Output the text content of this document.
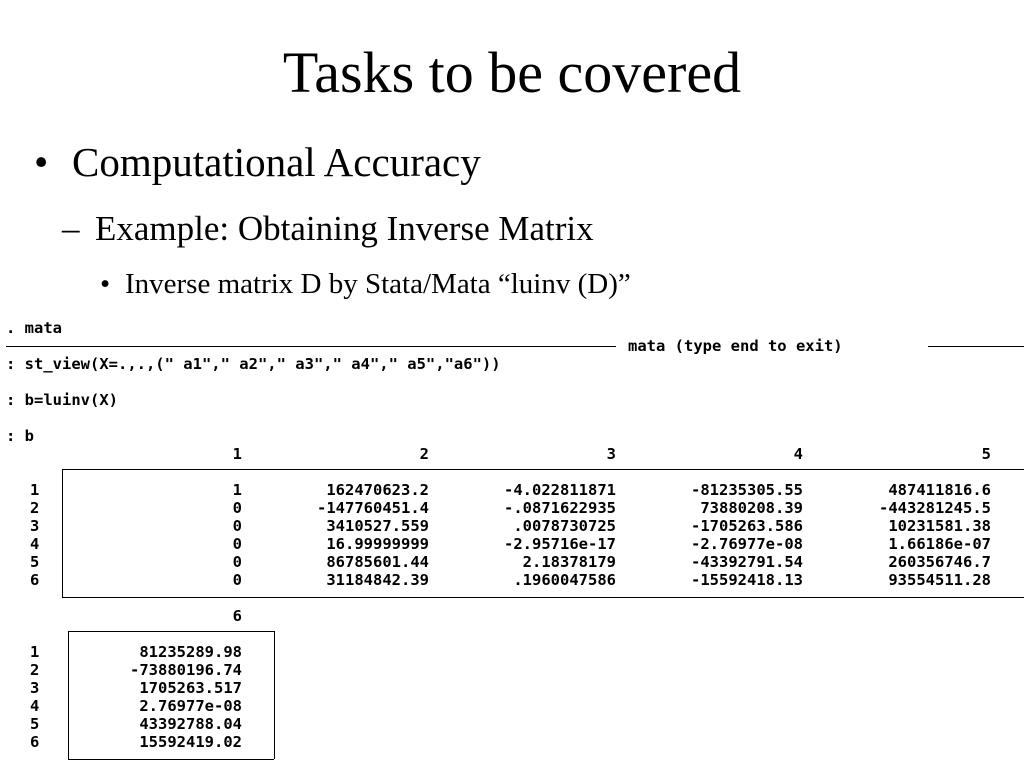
Tasks to be covered
• Computational Accuracy
– Example: Obtaining Inverse Matrix
• Inverse matrix D by Stata/Mata “luinv (D)”
. mata
mata (type end to exit)
: st_view(X=.,.,(" a1"," a2"," a3"," a4"," a5","a6"))
: b=luinv(X)
: b
1	2	3	4	5
1	1	162470623.2	-4.022811871	-81235305.55	487411816.6
2	0	-147760451.4	-.0871622935	73880208.39	-443281245.5
3	0	3410527.559	.0078730725	-1705263.586	10231581.38
4	0	16.99999999	-2.95716e-17	-2.76977e-08	1.66186e-07
5	0	86785601.44	2.18378179	-43392791.54	260356746.7
6	0	31184842.39	.1960047586	-15592418.13	93554511.28
6
1	81235289.98
2	-73880196.74
3	1705263.517
4	2.76977e-08
5	43392788.04
6	15592419.02
